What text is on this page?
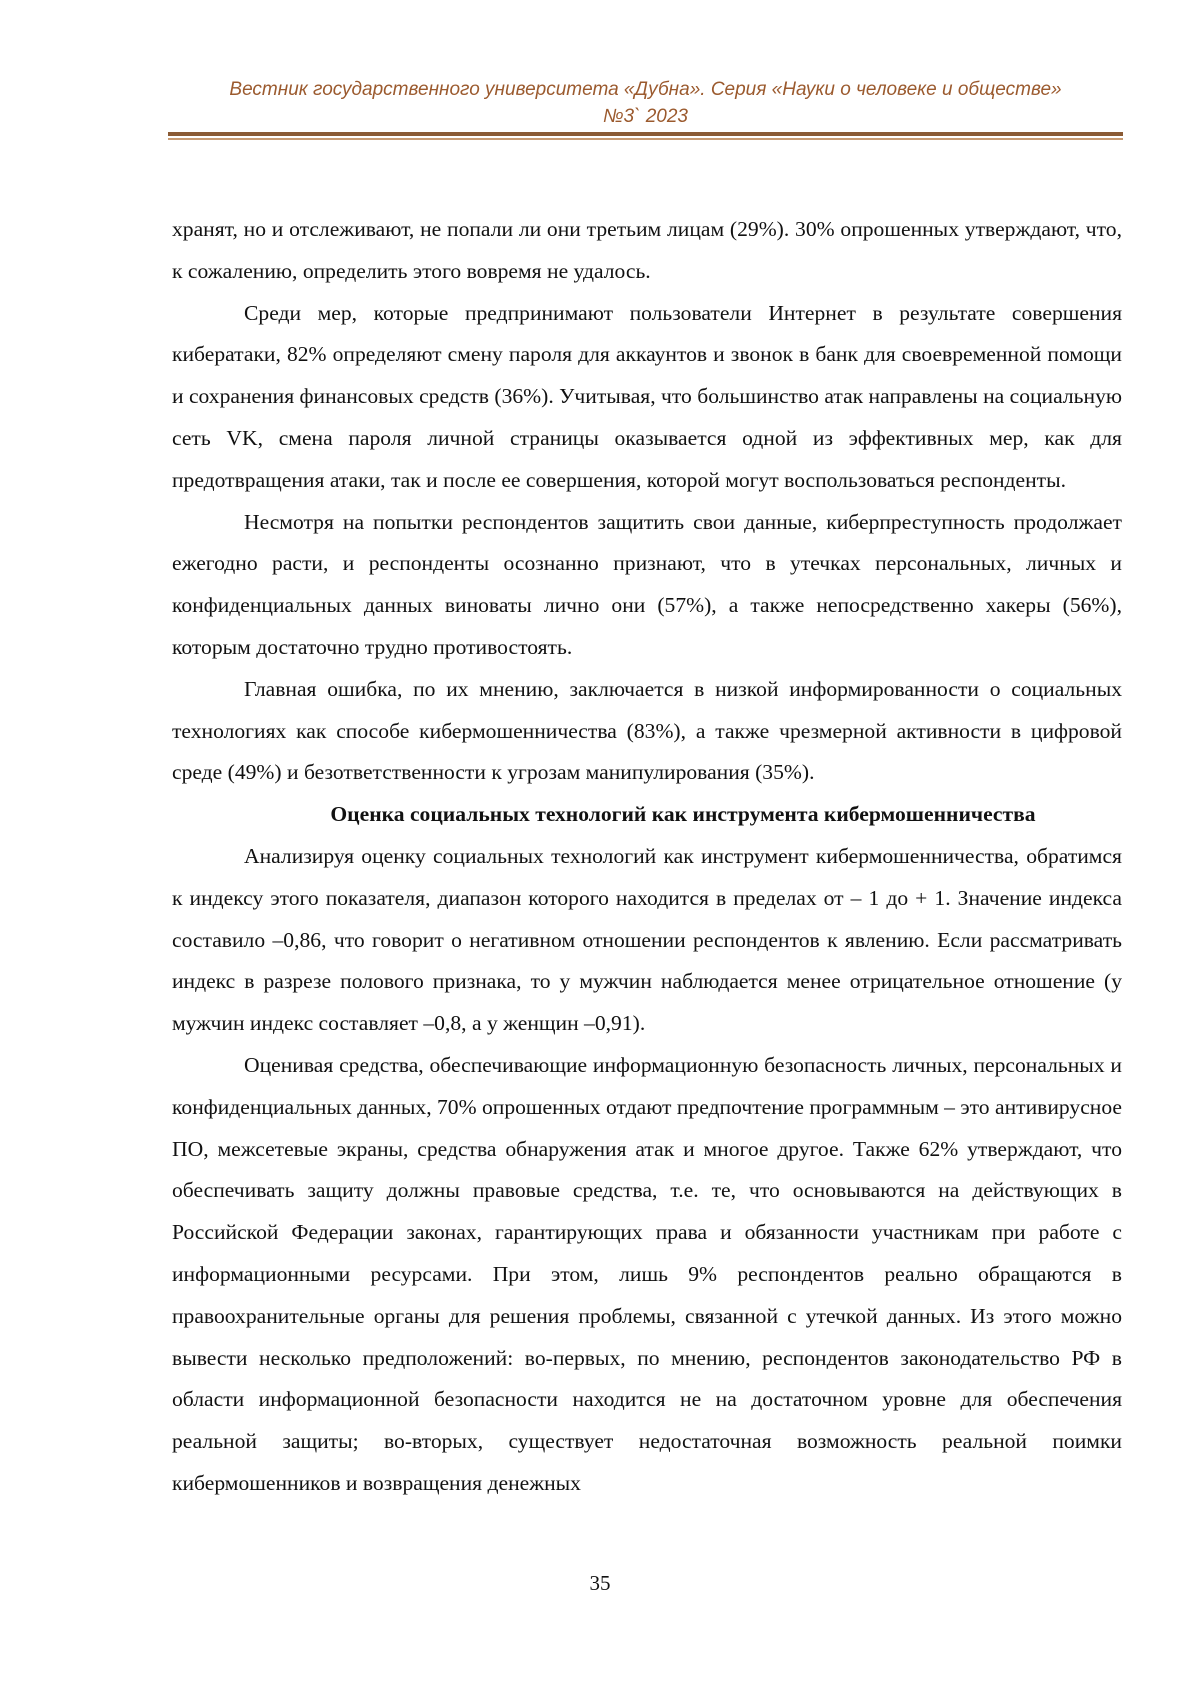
Вестник государственного университета «Дубна». Серия «Науки о человеке и обществе»
№3` 2023

хранят, но и отслеживают, не попали ли они третьим лицам (29%). 30% опрошенных утверждают, что, к сожалению, определить этого вовремя не удалось.

Среди мер, которые предпринимают пользователи Интернет в результате совершения кибератаки, 82% определяют смену пароля для аккаунтов и звонок в банк для своевременной помощи и сохранения финансовых средств (36%). Учитывая, что большинство атак направлены на социальную сеть VK, смена пароля личной страницы оказывается одной из эффективных мер, как для предотвращения атаки, так и после ее совершения, которой могут воспользоваться респонденты.

Несмотря на попытки респондентов защитить свои данные, киберпреступность продолжает ежегодно расти, и респонденты осознанно признают, что в утечках персональных, личных и конфиденциальных данных виноваты лично они (57%), а также непосредственно хакеры (56%), которым достаточно трудно противостоять.

Главная ошибка, по их мнению, заключается в низкой информированности о социальных технологиях как способе кибермошенничества (83%), а также чрезмерной активности в цифровой среде (49%) и безответственности к угрозам манипулирования (35%).

Оценка социальных технологий как инструмента кибермошенничества

Анализируя оценку социальных технологий как инструмент кибермошенничества, обратимся к индексу этого показателя, диапазон которого находится в пределах от – 1 до + 1. Значение индекса составило –0,86, что говорит о негативном отношении респондентов к явлению. Если рассматривать индекс в разрезе полового признака, то у мужчин наблюдается менее отрицательное отношение (у мужчин индекс составляет –0,8, а у женщин –0,91).

Оценивая средства, обеспечивающие информационную безопасность личных, персональных и конфиденциальных данных, 70% опрошенных отдают предпочтение программным – это антивирусное ПО, межсетевые экраны, средства обнаружения атак и многое другое. Также 62% утверждают, что обеспечивать защиту должны правовые средства, т.е. те, что основываются на действующих в Российской Федерации законах, гарантирующих права и обязанности участникам при работе с информационными ресурсами. При этом, лишь 9% респондентов реально обращаются в правоохранительные органы для решения проблемы, связанной с утечкой данных. Из этого можно вывести несколько предположений: во-первых, по мнению, респондентов законодательство РФ в области информационной безопасности находится не на достаточном уровне для обеспечения реальной защиты; во-вторых, существует недостаточная возможность реальной поимки кибермошенников и возвращения денежных

35
